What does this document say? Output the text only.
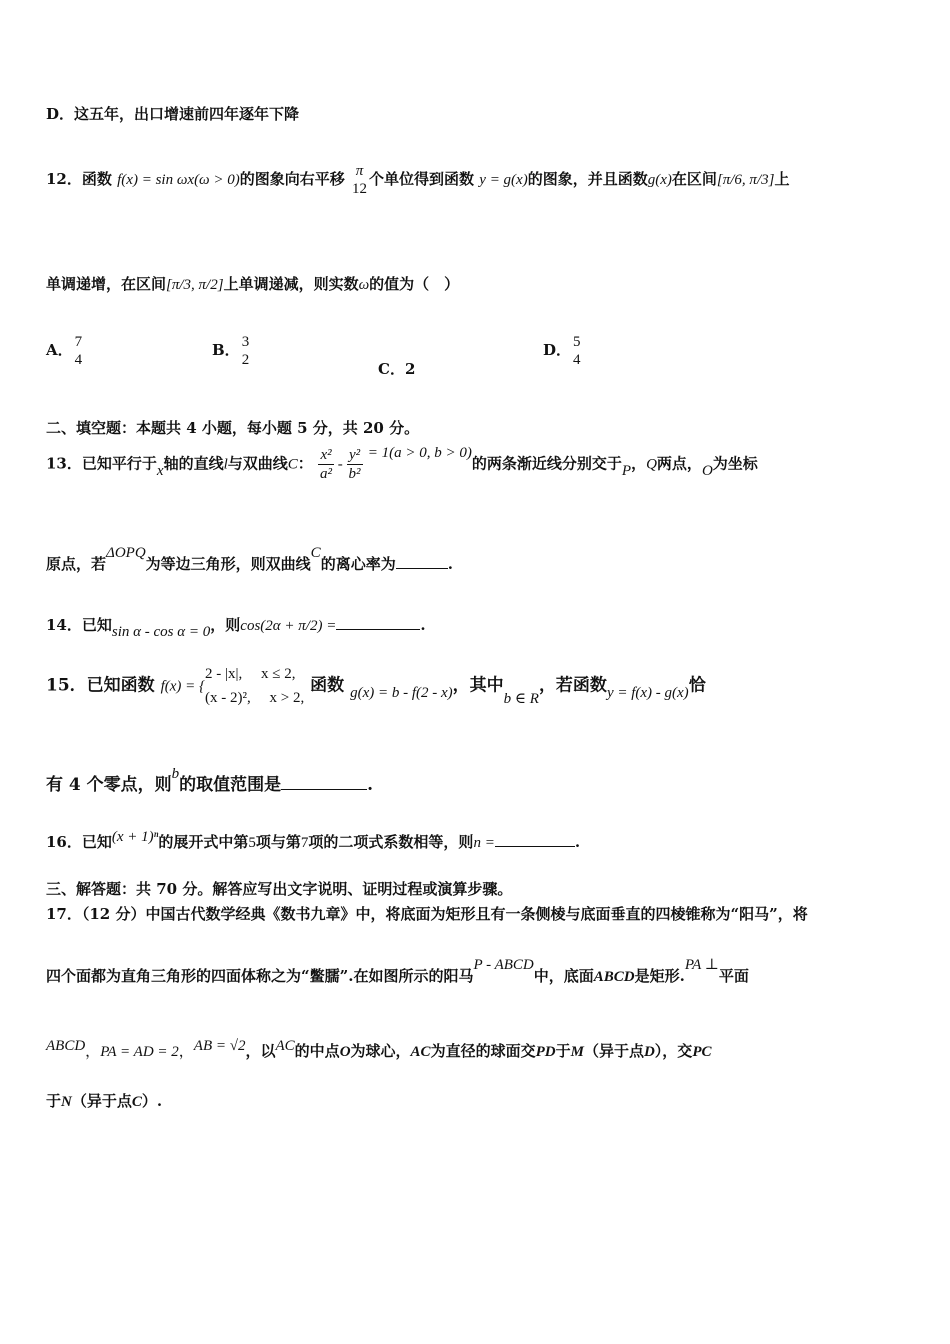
D．这五年，出口增速前四年逐年下降
12．函数 f(x) = sin ωx(ω > 0)的图象向右平移 π
12
个单位得到函数 y = g(x)的图象，并且函数g(x)在区间[π/6, π/3]上
单调递增，在区间[π/3, π/2]上单调递减，则实数ω的值为（　）
A． 7
4
B． 3
2	C．2
D． 5
4
二、填空题：本题共 4 小题，每小题 5 分，共 20 分。
13．已知平行于x轴的直线l与双曲线C： $\frac{\text{x²}}{\text{a²}} - \frac{\text{y²}}{\text{b²}} = 1(a > 0$, b > 0)的两条渐近线分别交于P，Q两点，O为坐标
原点，若ΔOPQ为等边三角形，则双曲线C的离心率为	.
14．已知sin α - cos α = 0，则cos(2α + π/2) =	.
15．已知函数 f(x) = {
2 - |x|,　 x ≤ 2,
(x - 2)²,　 x > 2,
函数 g(x) = b - f(2 - x)，其中b ∈ R，若函数y = f(x) - g(x)恰
有 4 个零点，则b的取值范围是	.
16．已知(x + 1)ⁿ的展开式中第5项与第7项的二项式系数相等，则n =	.
三、解答题：共 70 分。解答应写出文字说明、证明过程或演算步骤。
17．（12 分）中国古代数学经典《数书九章》中，将底面为矩形且有一条侧棱与底面垂直的四棱锥称为“阳马”，将
四个面都为直角三角形的四面体称之为“鳖臑”.在如图所示的阳马P - ABCD中，底面ABCD是矩形.PA ⊥平面
ABCD，PA = AD = 2，AB = √2，以AC的中点O为球心，AC为直径的球面交PD于M（异于点D），交PC
于N（异于点C）.
